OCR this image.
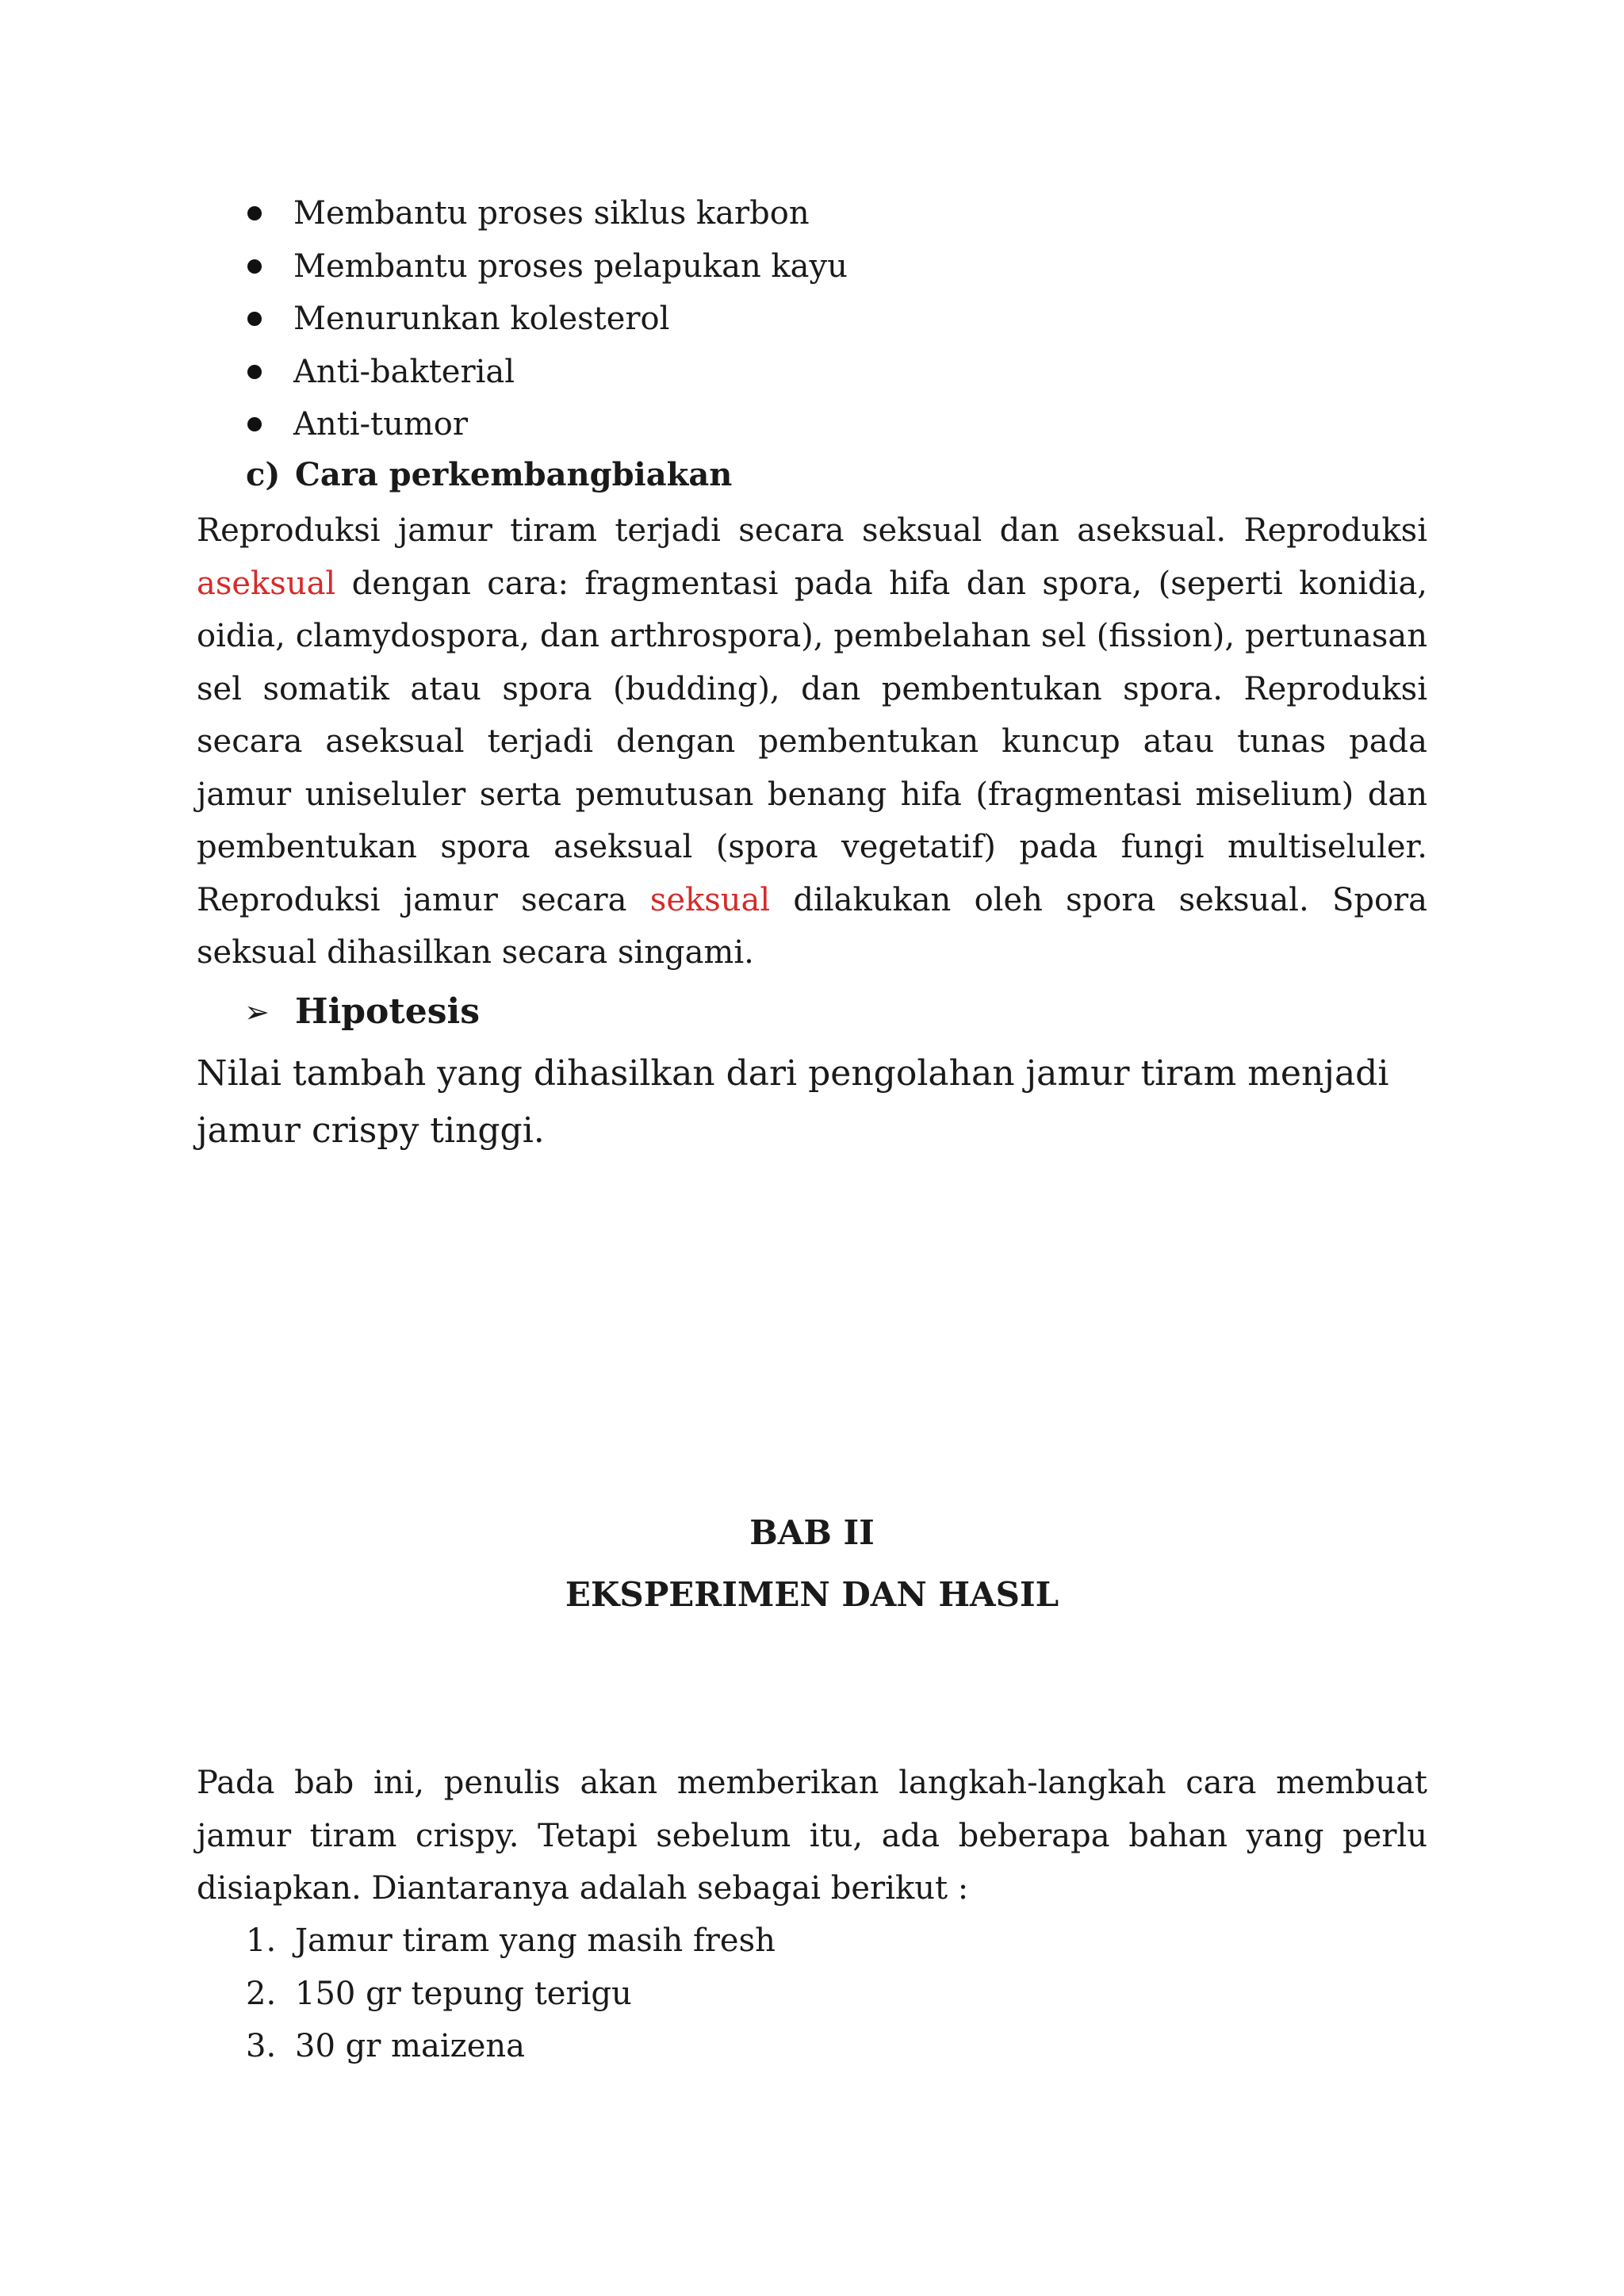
Membantu proses siklus karbon
Membantu proses pelapukan kayu
Menurunkan kolesterol
Anti-bakterial
Anti-tumor
c) Cara perkembangbiakan

Reproduksi jamur tiram terjadi secara seksual dan aseksual. Reproduksi aseksual dengan cara: fragmentasi pada hifa dan spora, (seperti konidia, oidia, clamydospora, dan arthrospora), pembelahan sel (fission), pertunasan sel somatik atau spora (budding), dan pembentukan spora. Reproduksi secara aseksual terjadi dengan pembentukan kuncup atau tunas pada jamur uniseluler serta pemutusan benang hifa (fragmentasi miselium) dan pembentukan spora aseksual (spora vegetatif) pada fungi multiseluler. Reproduksi jamur secara seksual dilakukan oleh spora seksual. Spora seksual dihasilkan secara singami.

➢ Hipotesis

Nilai tambah yang dihasilkan dari pengolahan jamur tiram menjadi jamur crispy tinggi.

BAB II
EKSPERIMEN DAN HASIL

Pada bab ini, penulis akan memberikan langkah-langkah cara membuat jamur tiram crispy. Tetapi sebelum itu, ada beberapa bahan yang perlu disiapkan. Diantaranya adalah sebagai berikut :

1. Jamur tiram yang masih fresh
2. 150 gr tepung terigu
3. 30 gr maizena
